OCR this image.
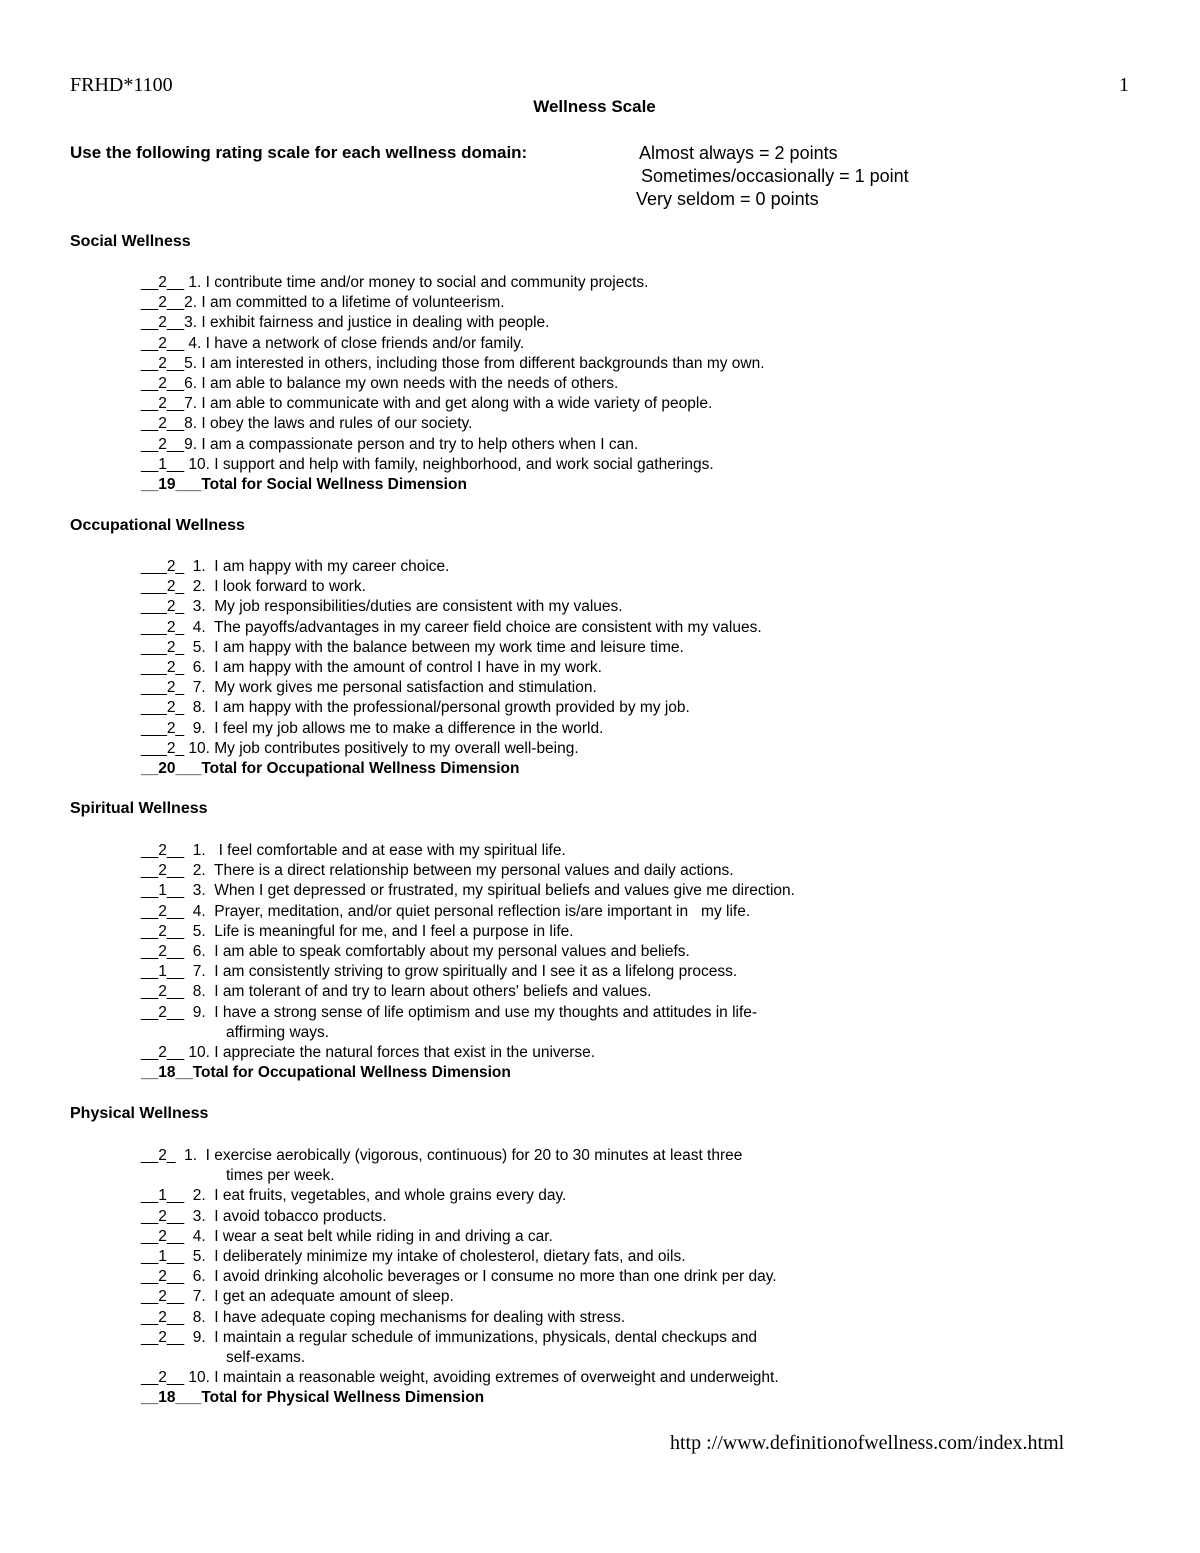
FRHD*1100	1
Wellness Scale
Use the following rating scale for each wellness domain:	Almost always = 2 points
Sometimes/occasionally = 1 point
Very seldom = 0 points
Social Wellness
__2__ 1. I contribute time and/or money to social and community projects.
__2__ 2. I am committed to a lifetime of volunteerism.
__2__ 3. I exhibit fairness and justice in dealing with people.
__2__ 4. I have a network of close friends and/or family.
__2__ 5. I am interested in others, including those from different backgrounds than my own.
__2__ 6. I am able to balance my own needs with the needs of others.
__2__ 7. I am able to communicate with and get along with a wide variety of people.
__2__ 8. I obey the laws and rules of our society.
__2__ 9. I am a compassionate person and try to help others when I can.
__1__ 10. I support and help with family, neighborhood, and work social gatherings.
__19___ Total for Social Wellness Dimension
Occupational Wellness
___2_ 1.  I am happy with my career choice.
___2_ 2.  I look forward to work.
___2_ 3.  My job responsibilities/duties are consistent with my values.
___2_ 4.  The payoffs/advantages in my career field choice are consistent with my values.
___2_ 5.  I am happy with the balance between my work time and leisure time.
___2_ 6.  I am happy with the amount of control I have in my work.
___2_ 7.  My work gives me personal satisfaction and stimulation.
___2_ 8.  I am happy with the professional/personal growth provided by my job.
___2_ 9.  I feel my job allows me to make a difference in the world.
___2_ 10. My job contributes positively to my overall well-being.
__20___ Total for Occupational Wellness Dimension
Spiritual Wellness
__2__ 1.   I feel comfortable and at ease with my spiritual life.
__2__ 2.  There is a direct relationship between my personal values and daily actions.
__1__ 3.  When I get depressed or frustrated, my spiritual beliefs and values give me direction.
__2__ 4.  Prayer, meditation, and/or quiet personal reflection is/are important in   my life.
__2__ 5.  Life is meaningful for me, and I feel a purpose in life.
__2__ 6.  I am able to speak comfortably about my personal values and beliefs.
__1__ 7.  I am consistently striving to grow spiritually and I see it as a lifelong process.
__2__ 8.  I am tolerant of and try to learn about others' beliefs and values.
__2__ 9.  I have a strong sense of life optimism and use my thoughts and attitudes in life-
affirming ways.
__2__ 10. I appreciate the natural forces that exist in the universe.
__18__ Total for Occupational Wellness Dimension
Physical Wellness
__2_ 1.  I exercise aerobically (vigorous, continuous) for 20 to 30 minutes at least three
times per week.
__1__ 2.  I eat fruits, vegetables, and whole grains every day.
__2__ 3.  I avoid tobacco products.
__2__ 4.  I wear a seat belt while riding in and driving a car.
__1__ 5.  I deliberately minimize my intake of cholesterol, dietary fats, and oils.
__2__ 6.  I avoid drinking alcoholic beverages or I consume no more than one drink per day.
__2__ 7.  I get an adequate amount of sleep.
__2__ 8.  I have adequate coping mechanisms for dealing with stress.
__2__ 9.  I maintain a regular schedule of immunizations, physicals, dental checkups and
self-exams.
__2__ 10. I maintain a reasonable weight, avoiding extremes of overweight and underweight.
__18___ Total for Physical Wellness Dimension
http ://www.definitionofwellness.com/index.html
